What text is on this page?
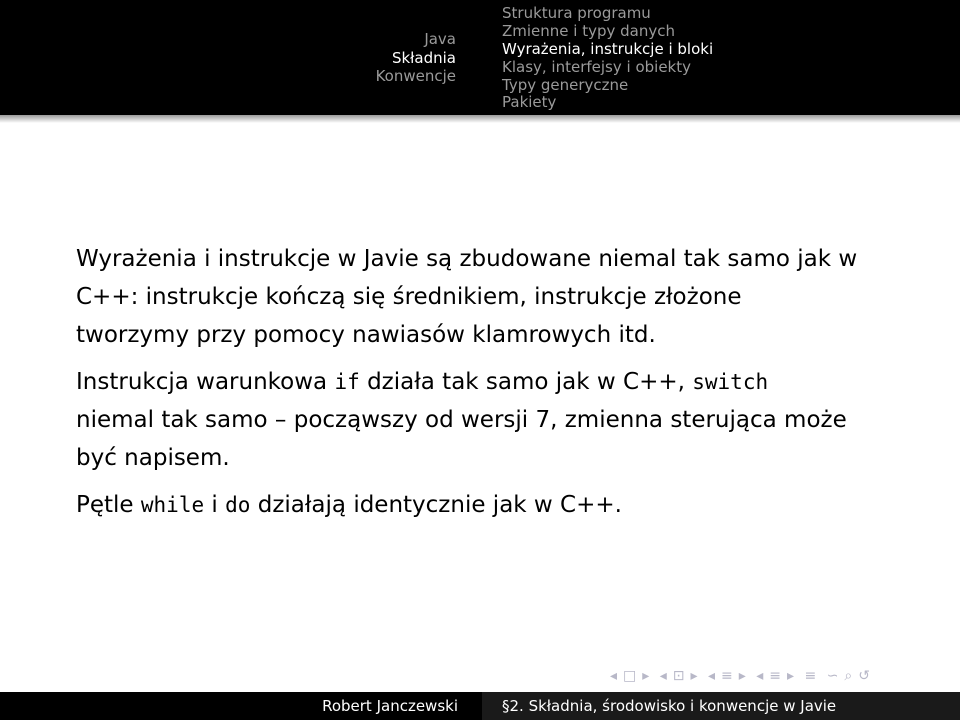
Java
Składnia
Konwencje
Struktura programu
Zmienne i typy danych
Wyrażenia, instrukcje i bloki
Klasy, interfejsy i obiekty
Typy generyczne
Pakiety
Wyrażenia i instrukcje w Javie są zbudowane niemal tak samo jak w
C++: instrukcje kończą się średnikiem, instrukcje złożone
tworzymy przy pomocy nawiasów klamrowych itd.
Instrukcja warunkowa if działa tak samo jak w C++, switch
niemal tak samo – począwszy od wersji 7, zmienna sterująca może
być napisem.
Pętle while i do działają identycznie jak w C++.
◂ □ ▸ ◂ ⊡ ▸ ◂ ≡ ▸ ◂ ≡ ▸ ≡ ∽ ⌕ ↺
Robert Janczewski	§2. Składnia, środowisko i konwencje w Javie
